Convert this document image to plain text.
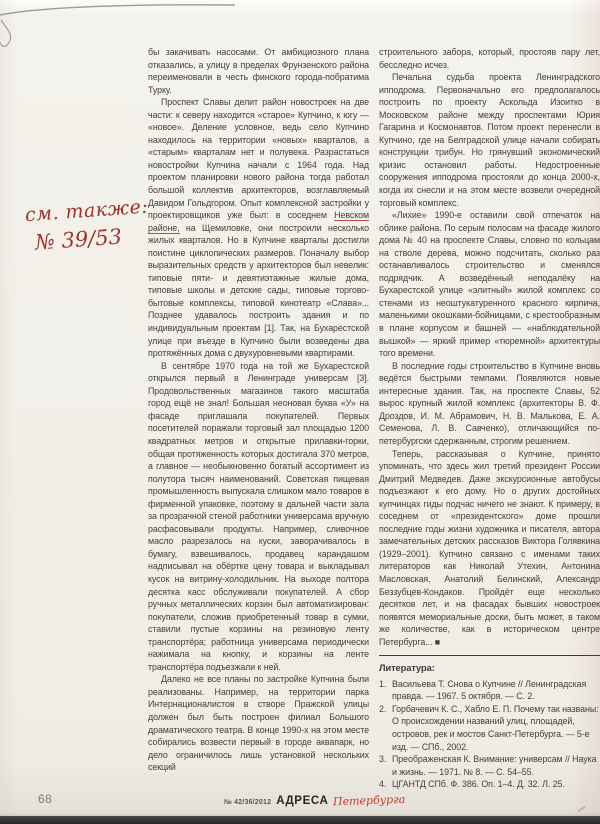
см. также:
№ 39/53

бы закачивать насосами. От амбициозного плана отказались, а улицу в пределах Фрунзенского района переименовали в честь финского города-побратима Турку.

Проспект Славы делит район новостроек на две части: к северу находится «старое» Купчино, к югу — «новое». Деление условное, ведь село Купчино находилось на территории «новых» кварталов, а «старым» кварталам нет и полувека. Разрастаться новостройки Купчина начали с 1964 года. Над проектом планировки нового района тогда работал большой коллектив архитекторов, возглавляемый Давидом Гольдгором. Опыт комплексной застройки у проектировщиков уже был: в соседнем Невском районе, на Щемиловке, они построили несколько жилых кварталов. Но в Купчине кварталы достигли поистине циклопических размеров. Поначалу выбор выразительных средств у архитекторов был невелик: типовые пяти- и девятиэтажные жилые дома, типовые школы и детские сады, типовые торгово-бытовые комплексы, типовой кинотеатр «Слава»... Позднее удавалось построить здания и по индивидуальным проектам [1]. Так, на Бухарестской улице при въезде в Купчино были возведены два протяжённых дома с двухуровневыми квартирами.

В сентябре 1970 года на той же Бухарестской открылся первый в Ленинграде универсам [3]. Продовольственных магазинов такого масштаба город ещё не знал! Большая неоновая буква «У» на фасаде приглашала покупателей. Первых посетителей поражали торговый зал площадью 1200 квадратных метров и открытые прилавки-горки, общая протяженность которых достигала 370 метров, а главное — необыкновенно богатый ассортимент из полутора тысяч наименований. Советская пищевая промышленность выпускала слишком мало товаров в фирменной упаковке, поэтому в дальней части зала за прозрачной стеной работники универсама вручную расфасовывали продукты. Например, сливочное масло разрезалось на куски, заворачивалось в бумагу, взвешивалось, продавец карандашом надписывал на обёртке цену товара и выкладывал кусок на витрину-холодильник. На выходе полтора десятка касс обслуживали покупателей. А сбор ручных металлических корзин был автоматизирован: покупатели, сложив приобретенный товар в сумки, ставили пустые корзины на резиновую ленту транспортёра; работница универсама периодически нажимала на кнопку, и корзины на ленте транспортёра подъезжали к ней.

Далеко не все планы по застройке Купчина были реализованы. Например, на территории парка Интернационалистов в створе Пражской улицы должен был быть построен филиал Большого драматического театра. В конце 1990-х на этом месте собирались возвести первый в городе аквапарк, но дело ограничилось лишь установкой нескольких секций

строительного забора, который, простояв пару лет, бесследно исчез.

Печальна судьба проекта Ленинградского ипподрома. Первоначально его предполагалось построить по проекту Аскольда Изоитко в Московском районе между проспектами Юрия Гагарина и Космонавтов. Потом проект перенесли в Купчино, где на Белградской улице начали собирать конструкции трибун. Но грянувший экономический кризис остановил работы. Недостроенные сооружения ипподрома простояли до конца 2000-х, когда их снесли и на этом месте возвели очередной торговый комплекс.

«Лихие» 1990-е оставили свой отпечаток на облике района. По серым полосам на фасаде жилого дома № 40 на проспекте Славы, словно по кольцам на стволе дерева, можно подсчитать, сколько раз останавливалось строительство и сменялся подрядчик. А возведённый неподалёку на Бухарестской улице «элитный» жилой комплекс со стенами из неоштукатуренного красного кирпича, маленькими окошками-бойницами, с крестообразным в плане корпусом и башней — «наблюдательной вышкой» — яркий пример «тюремной» архитектуры того времени.

В последние годы строительство в Купчине вновь ведётся быстрыми темпами. Появляются новые интересные здания. Так, на проспекте Славы, 52 вырос крупный жилой комплекс (архитекторы В. Ф. Дроздов, И. М. Абрамович, Н. В. Малькова, Е. А. Семенова, Л. В. Савченко), отличающийся по-петербургски сдержанным, строгим решением.

Теперь, рассказывая о Купчине, принято упоминать, что здесь жил третий президент России Дмитрий Медведев. Даже экскурсионные автобусы подъезжают к его дому. Но о других достойных купчинцах гиды подчас ничего не знают. К примеру, в соседнем от «президентского» доме прошли последние годы жизни художника и писателя, автора замечательных детских рассказов Виктора Голявкина (1929–2001). Купчино связано с именами таких литераторов как Николай Утехин, Антонина Масловская, Анатолий Белинский, Александр Беззубцев-Кондаков. Пройдёт еще несколько десятков лет, и на фасадах бывших новостроек появятся мемориальные доски, быть может, в таком же количестве, как в историческом центре Петербурга... ■

Литература:
1. Васильева Т. Снова о Купчине // Ленинградская правда. — 1967. 5 октября. — С. 2.
2. Горбачевич К. С., Хабло Е. П. Почему так названы: О происхождении названий улиц, площадей, островов, рек и мостов Санкт-Петербурга. — 5-е изд. — СПб., 2002.
3. Преображенская К. Внимание: универсам // Наука и жизнь. — 1971. № 8. — С. 54–55.
4. ЦГАНТД СПб. Ф. 386. Оп. 1–4. Д. 32. Л. 25.
68	№ 42/36/2012 АДРЕСА Петербурга
